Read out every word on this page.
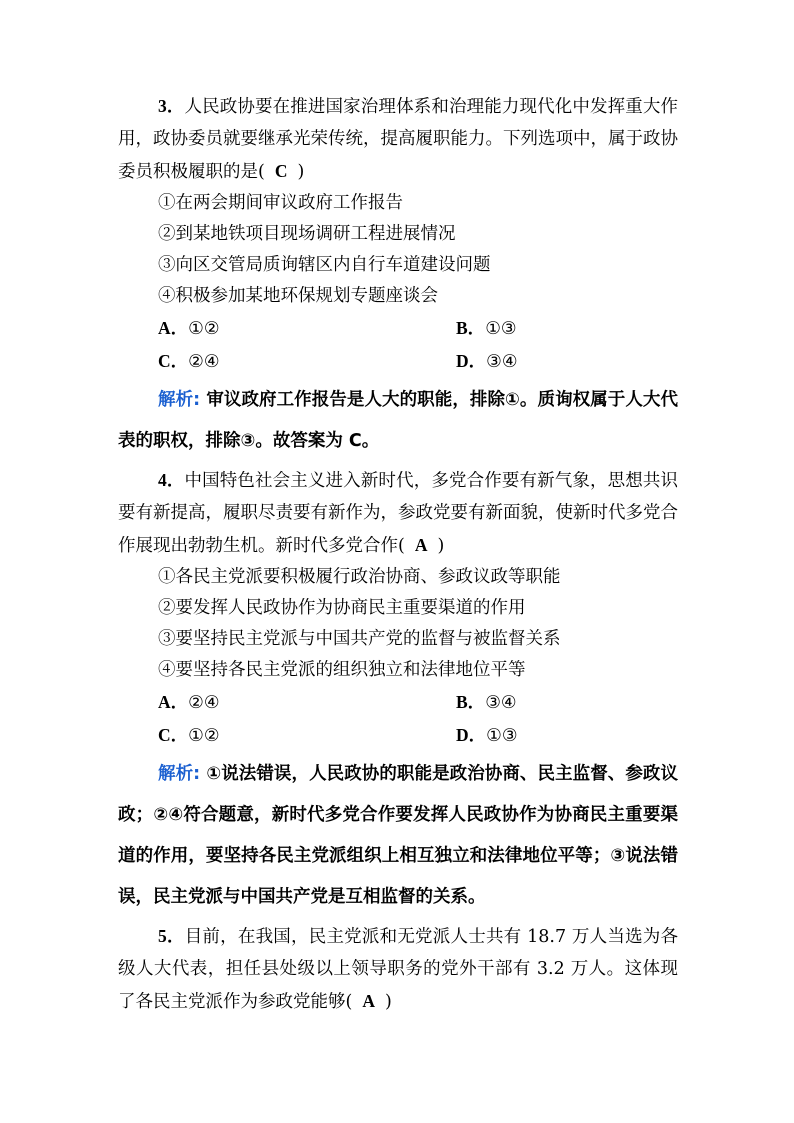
3．人民政协要在推进国家治理体系和治理能力现代化中发挥重大作用，政协委员就要继承光荣传统，提高履职能力。下列选项中，属于政协委员积极履职的是( C )

①在两会期间审议政府工作报告

②到某地铁项目现场调研工程进展情况

③向区交管局质询辖区内自行车道建设问题

④积极参加某地环保规划专题座谈会

A．①②	B．①③
C．②④	D．③④

解析: 审议政府工作报告是人大的职能，排除①。质询权属于人大代表的职权，排除③。故答案为 C。

4．中国特色社会主义进入新时代，多党合作要有新气象，思想共识要有新提高，履职尽责要有新作为，参政党要有新面貌，使新时代多党合作展现出勃勃生机。新时代多党合作( A )

①各民主党派要积极履行政治协商、参政议政等职能

②要发挥人民政协作为协商民主重要渠道的作用

③要坚持民主党派与中国共产党的监督与被监督关系

④要坚持各民主党派的组织独立和法律地位平等

A．②④	B．③④
C．①②	D．①③

解析: ①说法错误，人民政协的职能是政治协商、民主监督、参政议政；②④符合题意，新时代多党合作要发挥人民政协作为协商民主重要渠道的作用，要坚持各民主党派组织上相互独立和法律地位平等；③说法错误，民主党派与中国共产党是互相监督的关系。

5．目前，在我国，民主党派和无党派人士共有 18.7 万人当选为各级人大代表，担任县处级以上领导职务的党外干部有 3.2 万人。这体现了各民主党派作为参政党能够( A )
